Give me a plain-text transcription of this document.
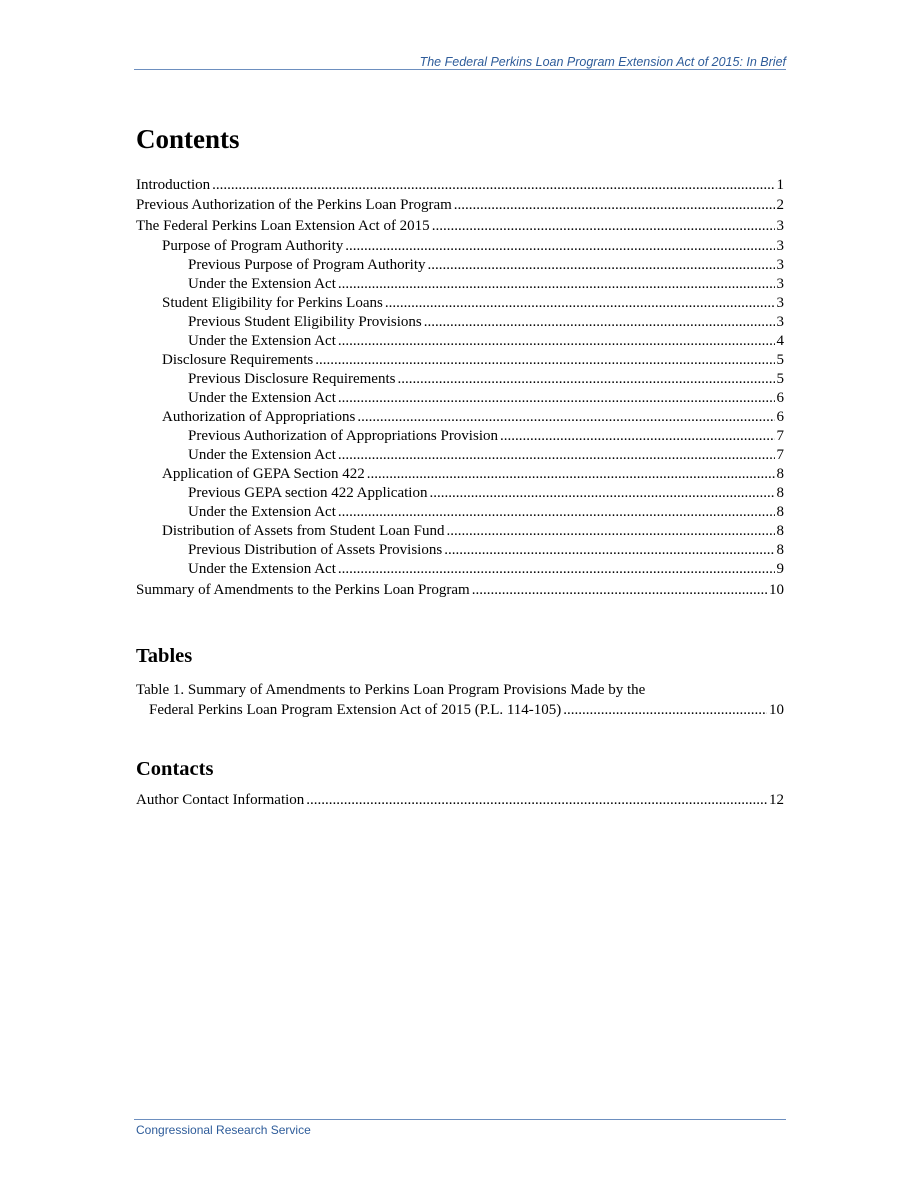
The Federal Perkins Loan Program Extension Act of 2015: In Brief
Contents
Introduction .....	1
Previous Authorization of the Perkins Loan Program .....	2
The Federal Perkins Loan Extension Act of 2015 .....	3
Purpose of Program Authority .....	3
Previous Purpose of Program Authority .....	3
Under the Extension Act .....	3
Student Eligibility for Perkins Loans .....	3
Previous Student Eligibility Provisions .....	3
Under the Extension Act .....	4
Disclosure Requirements .....	5
Previous Disclosure Requirements .....	5
Under the Extension Act .....	6
Authorization of Appropriations .....	6
Previous Authorization of Appropriations Provision .....	7
Under the Extension Act .....	7
Application of GEPA Section 422 .....	8
Previous GEPA section 422 Application .....	8
Under the Extension Act .....	8
Distribution of Assets from Student Loan Fund .....	8
Previous Distribution of Assets Provisions .....	8
Under the Extension Act .....	9
Summary of Amendments to the Perkins Loan Program .....	10
Tables
Table 1. Summary of Amendments to Perkins Loan Program Provisions Made by the
Federal Perkins Loan Program Extension Act of 2015 (P.L. 114-105) .....	10
Contacts
Author Contact Information .....	12
Congressional Research Service
